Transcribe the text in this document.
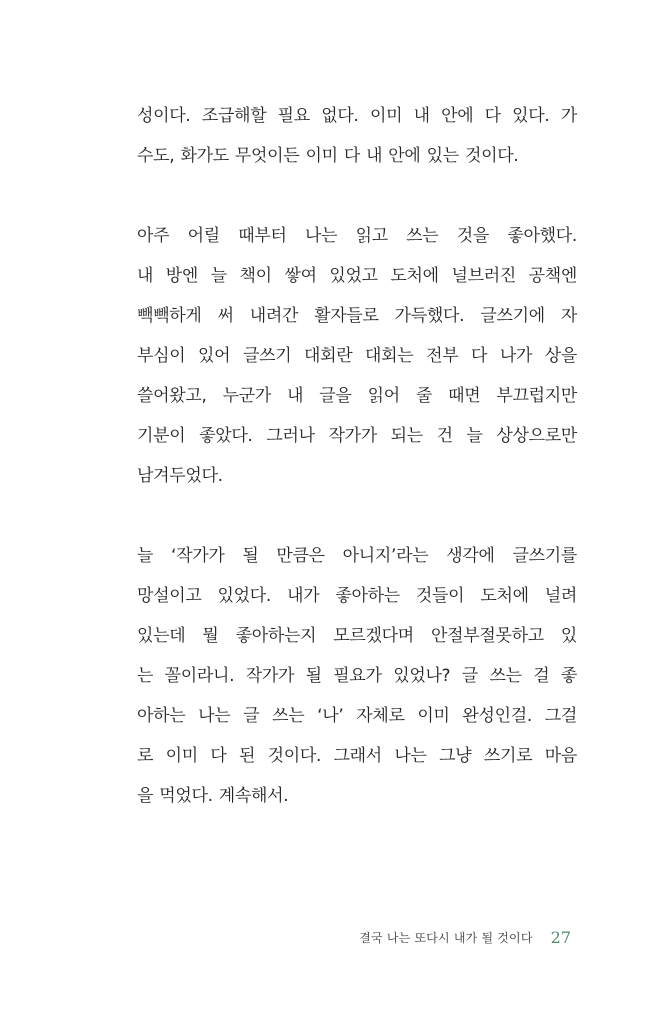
성이다. 조급해할 필요 없다. 이미 내 안에 다 있다. 가
수도, 화가도 무엇이든 이미 다 내 안에 있는 것이다.
아주 어릴 때부터 나는 읽고 쓰는 것을 좋아했다.
내 방엔 늘 책이 쌓여 있었고 도처에 널브러진 공책엔
빽빽하게 써 내려간 활자들로 가득했다. 글쓰기에 자
부심이 있어 글쓰기 대회란 대회는 전부 다 나가 상을
쓸어왔고, 누군가 내 글을 읽어 줄 때면 부끄럽지만
기분이 좋았다. 그러나 작가가 되는 건 늘 상상으로만
남겨두었다.
늘 ‘작가가 될 만큼은 아니지’라는 생각에 글쓰기를
망설이고 있었다. 내가 좋아하는 것들이 도처에 널려
있는데 뭘 좋아하는지 모르겠다며 안절부절못하고 있
는 꼴이라니. 작가가 될 필요가 있었나? 글 쓰는 걸 좋
아하는 나는 글 쓰는 ‘나’ 자체로 이미 완성인걸. 그걸
로 이미 다 된 것이다. 그래서 나는 그냥 쓰기로 마음
을 먹었다. 계속해서.
결국 나는 또다시 내가 될 것이다 27
